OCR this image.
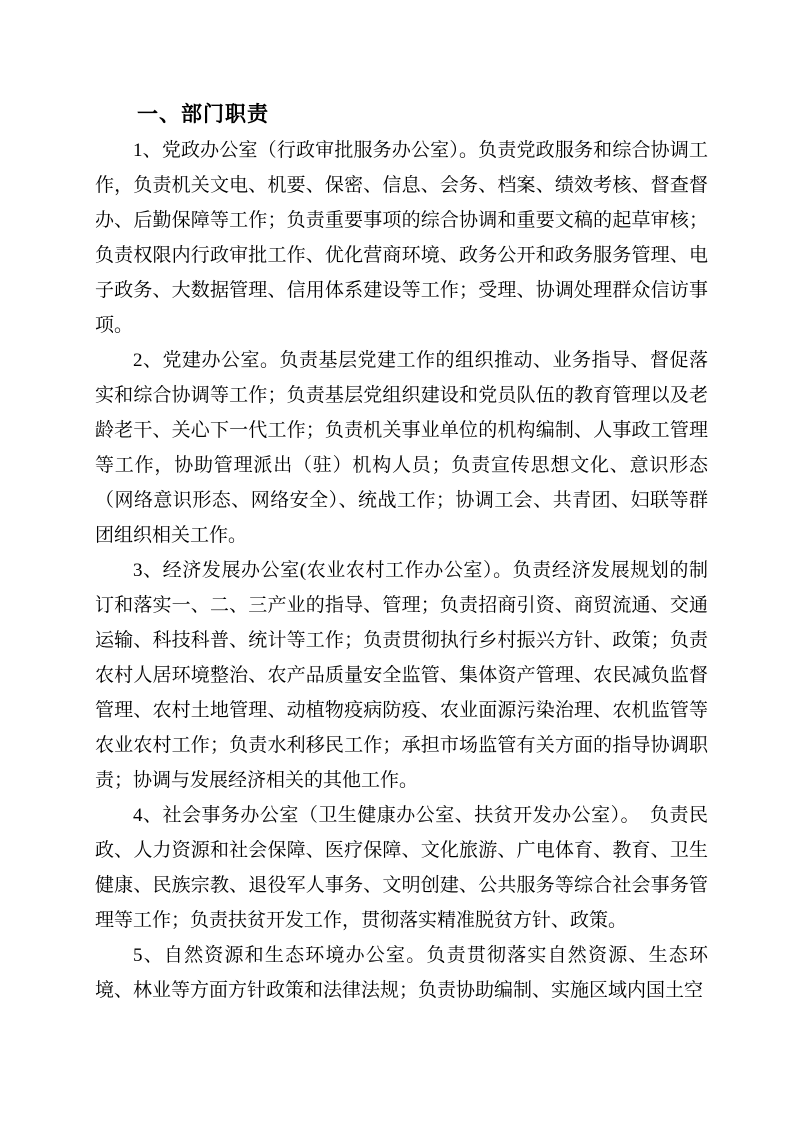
一、部门职责

1、党政办公室（行政审批服务办公室）。负责党政服务和综合协调工作，负责机关文电、机要、保密、信息、会务、档案、绩效考核、督查督办、后勤保障等工作；负责重要事项的综合协调和重要文稿的起草审核；负责权限内行政审批工作、优化营商环境、政务公开和政务服务管理、电子政务、大数据管理、信用体系建设等工作；受理、协调处理群众信访事项。

2、党建办公室。负责基层党建工作的组织推动、业务指导、督促落实和综合协调等工作；负责基层党组织建设和党员队伍的教育管理以及老龄老干、关心下一代工作；负责机关事业单位的机构编制、人事政工管理等工作，协助管理派出（驻）机构人员；负责宣传思想文化、意识形态（网络意识形态、网络安全）、统战工作；协调工会、共青团、妇联等群团组织相关工作。

3、经济发展办公室(农业农村工作办公室）。负责经济发展规划的制订和落实一、二、三产业的指导、管理；负责招商引资、商贸流通、交通运输、科技科普、统计等工作；负责贯彻执行乡村振兴方针、政策；负责农村人居环境整治、农产品质量安全监管、集体资产管理、农民减负监督管理、农村土地管理、动植物疫病防疫、农业面源污染治理、农机监管等农业农村工作；负责水利移民工作；承担市场监管有关方面的指导协调职责；协调与发展经济相关的其他工作。

4、社会事务办公室（卫生健康办公室、扶贫开发办公室）。　负责民政、人力资源和社会保障、医疗保障、文化旅游、广电体育、教育、卫生健康、民族宗教、退役军人事务、文明创建、公共服务等综合社会事务管理等工作；负责扶贫开发工作，贯彻落实精准脱贫方针、政策。

5、自然资源和生态环境办公室。负责贯彻落实自然资源、生态环境、林业等方面方针政策和法律法规；负责协助编制、实施区域内国土空
